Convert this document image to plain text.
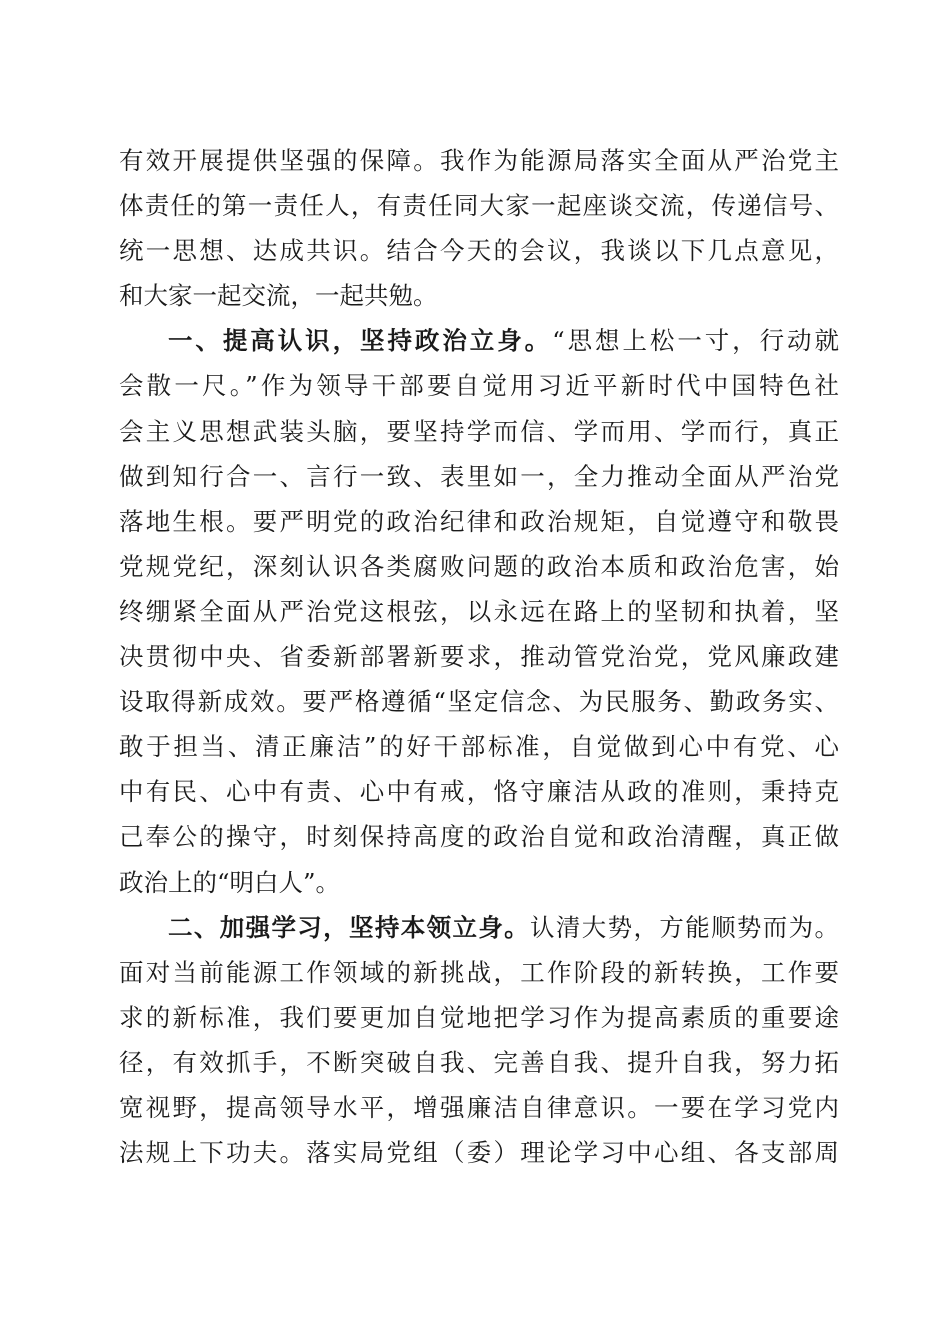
有效开展提供坚强的保障。我作为能源局落实全面从严治党主
体责任的第一责任人，有责任同大家一起座谈交流，传递信号、
统一思想、达成共识。结合今天的会议，我谈以下几点意见，
和大家一起交流，一起共勉。
一、提高认识，坚持政治立身。“思想上松一寸，行动就
会散一尺。”作为领导干部要自觉用习近平新时代中国特色社
会主义思想武装头脑，要坚持学而信、学而用、学而行，真正
做到知行合一、言行一致、表里如一，全力推动全面从严治党
落地生根。要严明党的政治纪律和政治规矩，自觉遵守和敬畏
党规党纪，深刻认识各类腐败问题的政治本质和政治危害，始
终绷紧全面从严治党这根弦，以永远在路上的坚韧和执着，坚
决贯彻中央、省委新部署新要求，推动管党治党，党风廉政建
设取得新成效。要严格遵循“坚定信念、为民服务、勤政务实、
敢于担当、清正廉洁”的好干部标准，自觉做到心中有党、心
中有民、心中有责、心中有戒，恪守廉洁从政的准则，秉持克
己奉公的操守，时刻保持高度的政治自觉和政治清醒，真正做
政治上的“明白人”。
二、加强学习，坚持本领立身。认清大势，方能顺势而为。
面对当前能源工作领域的新挑战，工作阶段的新转换，工作要
求的新标准，我们要更加自觉地把学习作为提高素质的重要途
径，有效抓手，不断突破自我、完善自我、提升自我，努力拓
宽视野，提高领导水平，增强廉洁自律意识。一要在学习党内
法规上下功夫。落实局党组（委）理论学习中心组、各支部周
